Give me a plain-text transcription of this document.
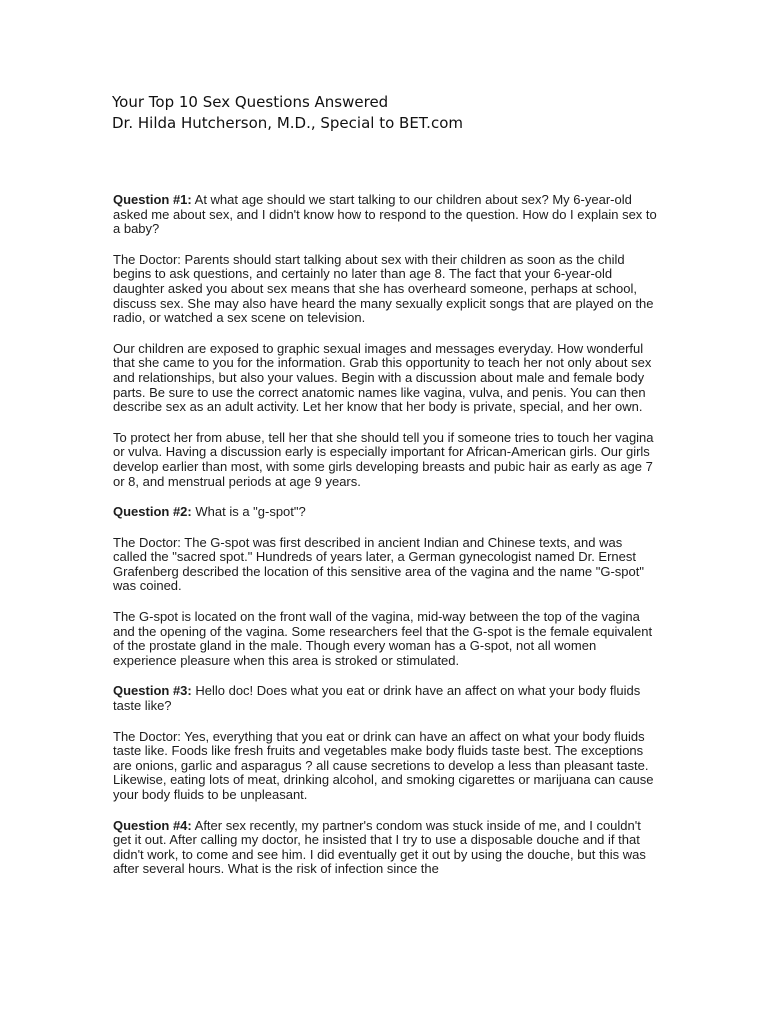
Your Top 10 Sex Questions Answered
Dr. Hilda Hutcherson, M.D., Special to BET.com

Question #1: At what age should we start talking to our children about sex? My 6-year-old asked me about sex, and I didn't know how to respond to the question. How do I explain sex to a baby?

The Doctor: Parents should start talking about sex with their children as soon as the child begins to ask questions, and certainly no later than age 8. The fact that your 6-year-old daughter asked you about sex means that she has overheard someone, perhaps at school, discuss sex. She may also have heard the many sexually explicit songs that are played on the radio, or watched a sex scene on television.

Our children are exposed to graphic sexual images and messages everyday. How wonderful that she came to you for the information. Grab this opportunity to teach her not only about sex and relationships, but also your values. Begin with a discussion about male and female body parts. Be sure to use the correct anatomic names like vagina, vulva, and penis. You can then describe sex as an adult activity. Let her know that her body is private, special, and her own.

To protect her from abuse, tell her that she should tell you if someone tries to touch her vagina or vulva. Having a discussion early is especially important for African-American girls. Our girls develop earlier than most, with some girls developing breasts and pubic hair as early as age 7 or 8, and menstrual periods at age 9 years.

Question #2: What is a "g-spot"?

The Doctor: The G-spot was first described in ancient Indian and Chinese texts, and was called the "sacred spot." Hundreds of years later, a German gynecologist named Dr. Ernest Grafenberg described the location of this sensitive area of the vagina and the name "G-spot" was coined.

The G-spot is located on the front wall of the vagina, mid-way between the top of the vagina and the opening of the vagina. Some researchers feel that the G-spot is the female equivalent of the prostate gland in the male. Though every woman has a G-spot, not all women experience pleasure when this area is stroked or stimulated.

Question #3: Hello doc! Does what you eat or drink have an affect on what your body fluids taste like?

The Doctor: Yes, everything that you eat or drink can have an affect on what your body fluids taste like. Foods like fresh fruits and vegetables make body fluids taste best. The exceptions are onions, garlic and asparagus ? all cause secretions to develop a less than pleasant taste. Likewise, eating lots of meat, drinking alcohol, and smoking cigarettes or marijuana can cause your body fluids to be unpleasant.

Question #4: After sex recently, my partner's condom was stuck inside of me, and I couldn't get it out. After calling my doctor, he insisted that I try to use a disposable douche and if that didn't work, to come and see him. I did eventually get it out by using the douche, but this was after several hours. What is the risk of infection since the
